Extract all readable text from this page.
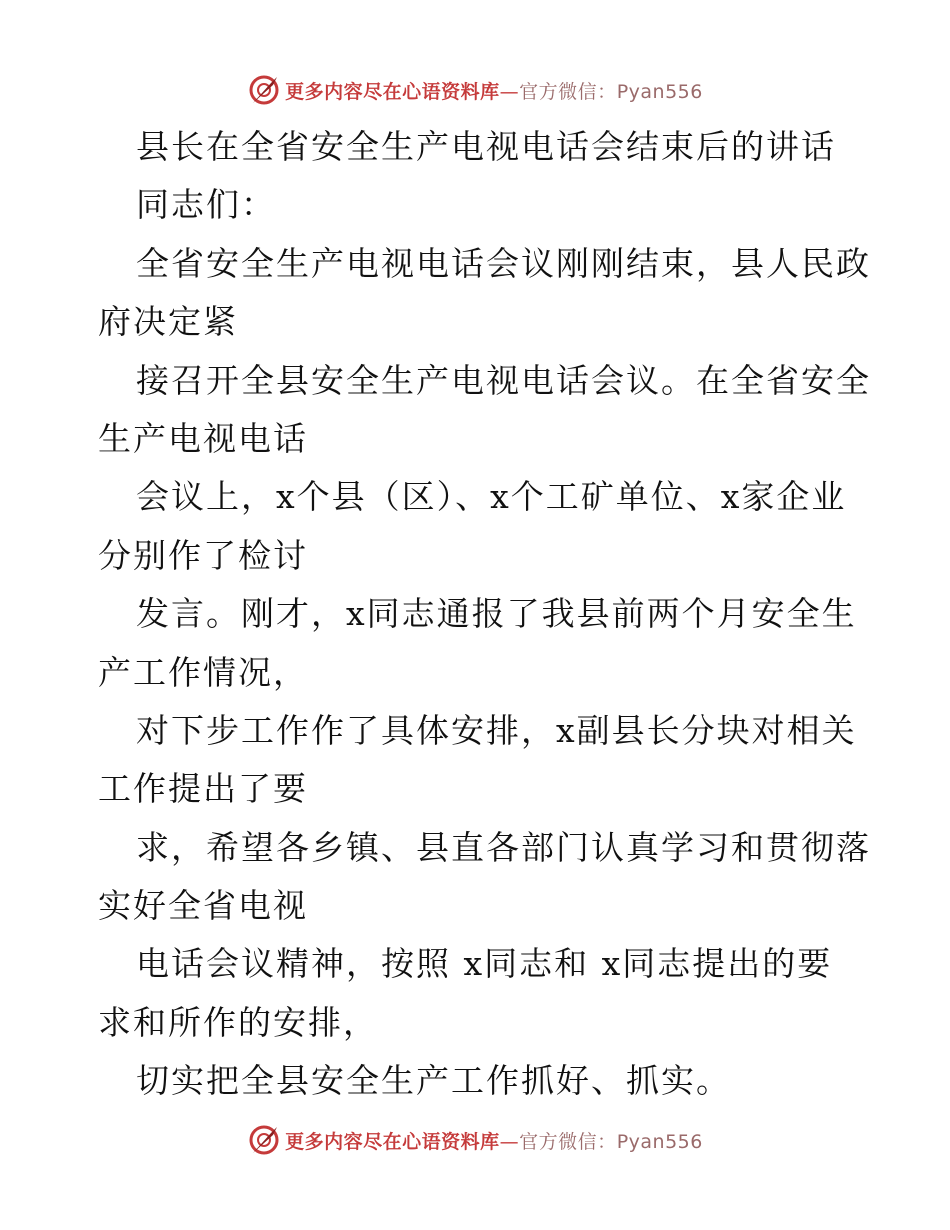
更多内容尽在心语资料库—官方微信：Pyan556
县长在全省安全生产电视电话会结束后的讲话
同志们：
全省安全生产电视电话会议刚刚结束，县人民政
府决定紧
接召开全县安全生产电视电话会议。在全省安全
生产电视电话
会议上，x个县（区）、x个工矿单位、x家企业
分别作了检讨
发言。刚才，x同志通报了我县前两个月安全生
产工作情况，
对下步工作作了具体安排，x副县长分块对相关
工作提出了要
求，希望各乡镇、县直各部门认真学习和贯彻落
实好全省电视
电话会议精神，按照 x同志和 x同志提出的要
求和所作的安排，
切实把全县安全生产工作抓好、抓实。
更多内容尽在心语资料库—官方微信：Pyan556
